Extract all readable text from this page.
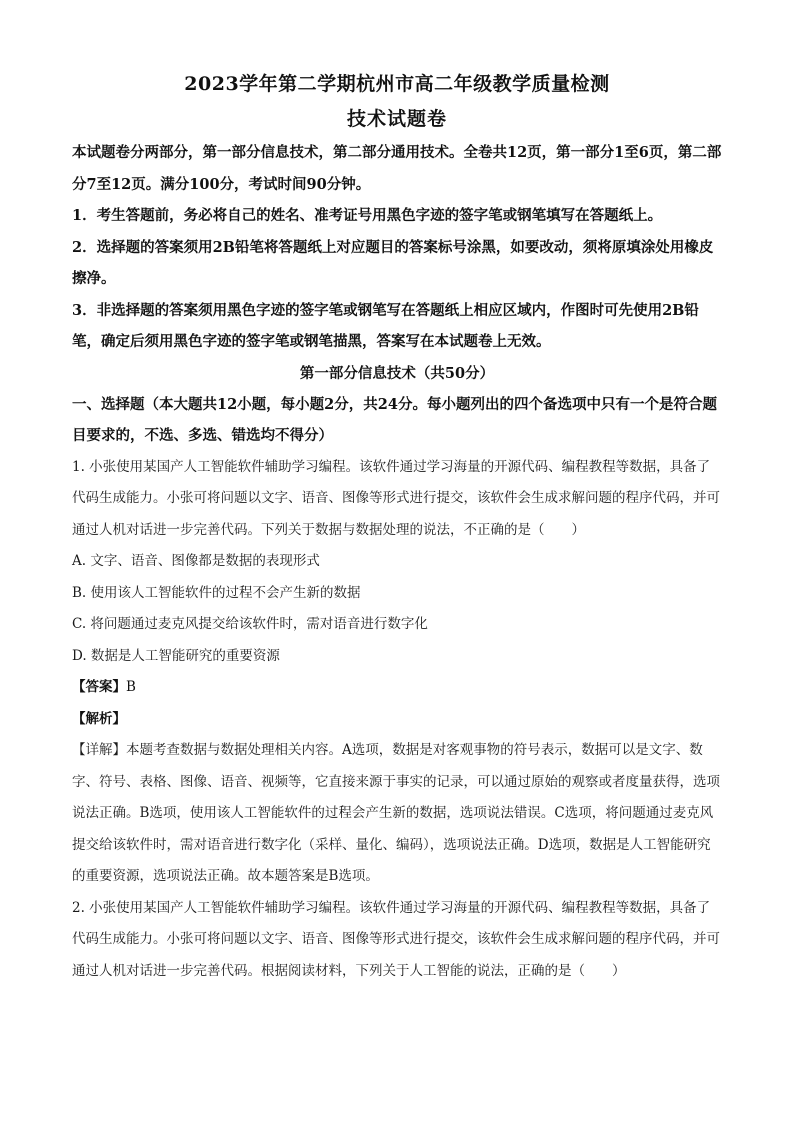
2023学年第二学期杭州市高二年级教学质量检测
技术试题卷

本试题卷分两部分，第一部分信息技术，第二部分通用技术。全卷共12页，第一部分1至6页，第二部分7至12页。满分100分，考试时间90分钟。

1．考生答题前，务必将自己的姓名、准考证号用黑色字迹的签字笔或钢笔填写在答题纸上。

2．选择题的答案须用2B铅笔将答题纸上对应题目的答案标号涂黑，如要改动，须将原填涂处用橡皮擦净。

3．非选择题的答案须用黑色字迹的签字笔或钢笔写在答题纸上相应区域内，作图时可先使用2B铅笔，确定后须用黑色字迹的签字笔或钢笔描黑，答案写在本试题卷上无效。

第一部分信息技术（共50分）

一、选择题（本大题共12小题，每小题2分，共24分。每小题列出的四个备选项中只有一个是符合题目要求的，不选、多选、错选均不得分）

1. 小张使用某国产人工智能软件辅助学习编程。该软件通过学习海量的开源代码、编程教程等数据，具备了代码生成能力。小张可将问题以文字、语音、图像等形式进行提交，该软件会生成求解问题的程序代码，并可通过人机对话进一步完善代码。下列关于数据与数据处理的说法，不正确的是（　　）

A. 文字、语音、图像都是数据的表现形式

B. 使用该人工智能软件的过程不会产生新的数据

C. 将问题通过麦克风提交给该软件时，需对语音进行数字化

D. 数据是人工智能研究的重要资源

【答案】B

【解析】

【详解】本题考查数据与数据处理相关内容。A选项，数据是对客观事物的符号表示，数据可以是文字、数字、符号、表格、图像、语音、视频等，它直接来源于事实的记录，可以通过原始的观察或者度量获得，选项说法正确。B选项，使用该人工智能软件的过程会产生新的数据，选项说法错误。C选项，将问题通过麦克风提交给该软件时，需对语音进行数字化（采样、量化、编码），选项说法正确。D选项，数据是人工智能研究的重要资源，选项说法正确。故本题答案是B选项。

2. 小张使用某国产人工智能软件辅助学习编程。该软件通过学习海量的开源代码、编程教程等数据，具备了代码生成能力。小张可将问题以文字、语音、图像等形式进行提交，该软件会生成求解问题的程序代码，并可通过人机对话进一步完善代码。根据阅读材料，下列关于人工智能的说法，正确的是（　　）
